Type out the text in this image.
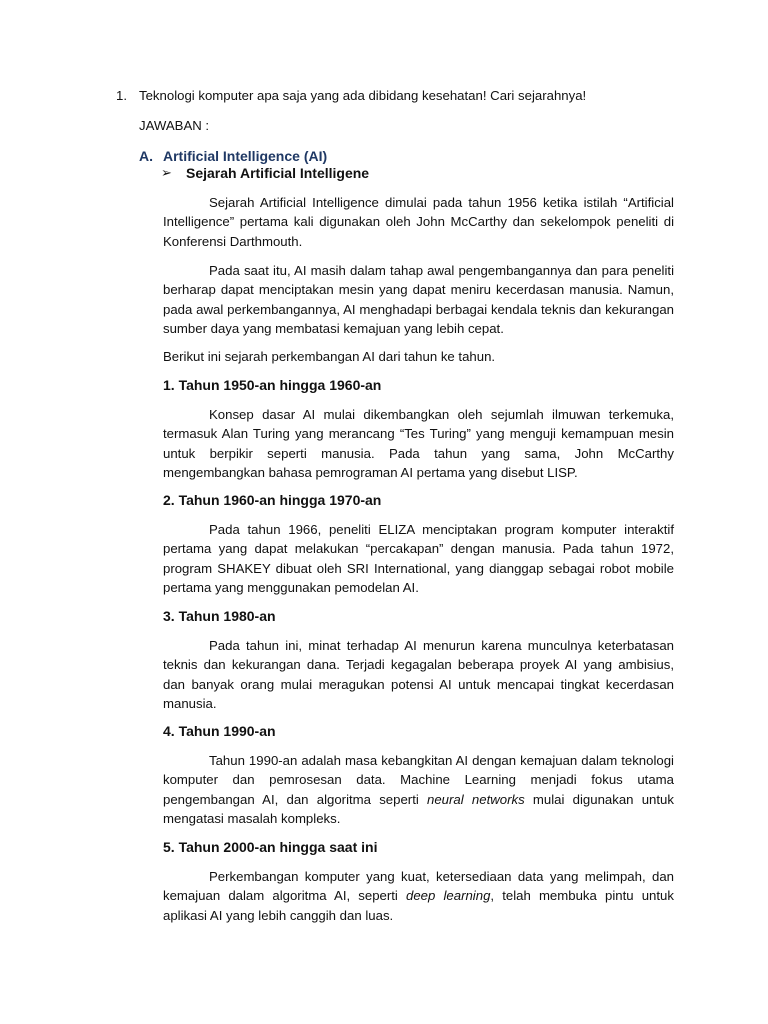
1. Teknologi komputer apa saja yang ada dibidang kesehatan! Cari sejarahnya!
JAWABAN :
A. Artificial Intelligence (AI)
➢ Sejarah Artificial Intelligene

Sejarah Artificial Intelligence dimulai pada tahun 1956 ketika istilah “Artificial Intelligence” pertama kali digunakan oleh John McCarthy dan sekelompok peneliti di Konferensi Darthmouth.

Pada saat itu, AI masih dalam tahap awal pengembangannya dan para peneliti berharap dapat menciptakan mesin yang dapat meniru kecerdasan manusia. Namun, pada awal perkembangannya, AI menghadapi berbagai kendala teknis dan kekurangan sumber daya yang membatasi kemajuan yang lebih cepat.

Berikut ini sejarah perkembangan AI dari tahun ke tahun.

1. Tahun 1950-an hingga 1960-an

Konsep dasar AI mulai dikembangkan oleh sejumlah ilmuwan terkemuka, termasuk Alan Turing yang merancang “Tes Turing” yang menguji kemampuan mesin untuk berpikir seperti manusia. Pada tahun yang sama, John McCarthy mengembangkan bahasa pemrograman AI pertama yang disebut LISP.

2. Tahun 1960-an hingga 1970-an

Pada tahun 1966, peneliti ELIZA menciptakan program komputer interaktif pertama yang dapat melakukan “percakapan” dengan manusia. Pada tahun 1972, program SHAKEY dibuat oleh SRI International, yang dianggap sebagai robot mobile pertama yang menggunakan pemodelan AI.

3. Tahun 1980-an

Pada tahun ini, minat terhadap AI menurun karena munculnya keterbatasan teknis dan kekurangan dana. Terjadi kegagalan beberapa proyek AI yang ambisius, dan banyak orang mulai meragukan potensi AI untuk mencapai tingkat kecerdasan manusia.

4. Tahun 1990-an

Tahun 1990-an adalah masa kebangkitan AI dengan kemajuan dalam teknologi komputer dan pemrosesan data. Machine Learning menjadi fokus utama pengembangan AI, dan algoritma seperti neural networks mulai digunakan untuk mengatasi masalah kompleks.

5. Tahun 2000-an hingga saat ini

Perkembangan komputer yang kuat, ketersediaan data yang melimpah, dan kemajuan dalam algoritma AI, seperti deep learning, telah membuka pintu untuk aplikasi AI yang lebih canggih dan luas.
